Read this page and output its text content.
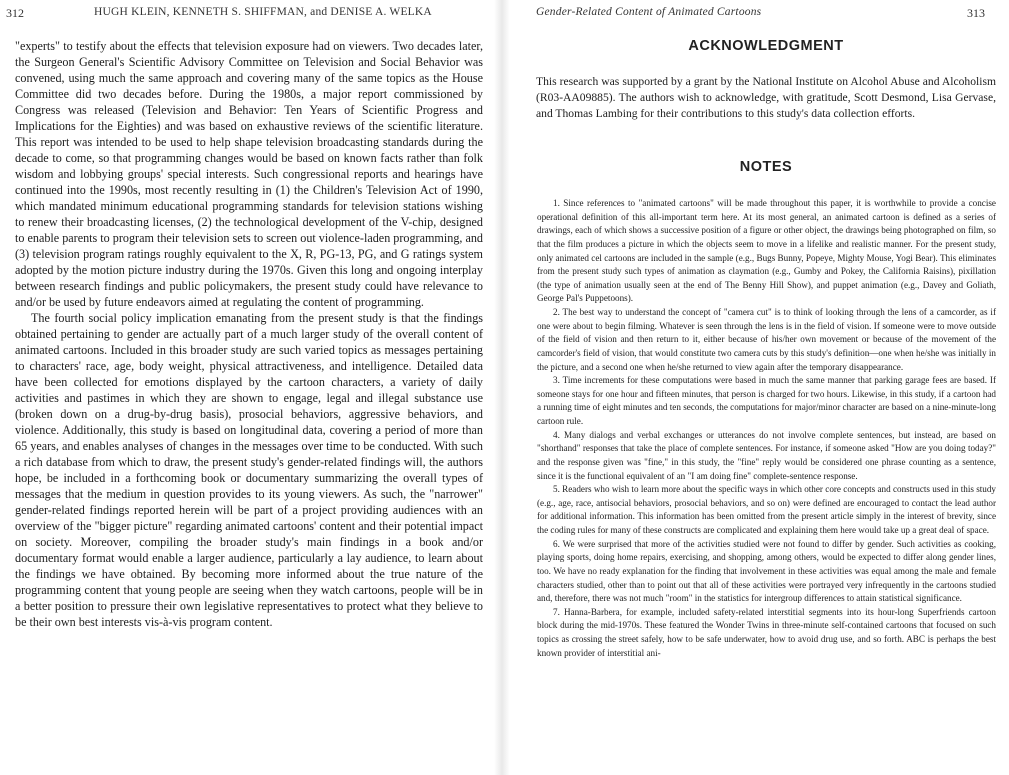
312	HUGH KLEIN, KENNETH S. SHIFFMAN, and DENISE A. WELKA

"experts" to testify about the effects that television exposure had on viewers. Two decades later, the Surgeon General's Scientific Advisory Committee on Television and Social Behavior was convened, using much the same approach and covering many of the same topics as the House Committee did two decades before. During the 1980s, a major report commissioned by Congress was released (Television and Behavior: Ten Years of Scientific Progress and Implications for the Eighties) and was based on exhaustive reviews of the scientific literature. This report was intended to be used to help shape television broadcasting standards during the decade to come, so that programming changes would be based on known facts rather than folk wisdom and lobbying groups' special interests. Such congressional reports and hearings have continued into the 1990s, most recently resulting in (1) the Children's Television Act of 1990, which mandated minimum educational programming standards for television stations wishing to renew their broadcasting licenses, (2) the technological development of the V-chip, designed to enable parents to program their television sets to screen out violence-laden programming, and (3) television program ratings roughly equivalent to the X, R, PG-13, PG, and G ratings system adopted by the motion picture industry during the 1970s. Given this long and ongoing interplay between research findings and public policymakers, the present study could have relevance to and/or be used by future endeavors aimed at regulating the content of programming.

The fourth social policy implication emanating from the present study is that the findings obtained pertaining to gender are actually part of a much larger study of the overall content of animated cartoons. Included in this broader study are such varied topics as messages pertaining to characters' race, age, body weight, physical attractiveness, and intelligence. Detailed data have been collected for emotions displayed by the cartoon characters, a variety of daily activities and pastimes in which they are shown to engage, legal and illegal substance use (broken down on a drug-by-drug basis), prosocial behaviors, aggressive behaviors, and violence. Additionally, this study is based on longitudinal data, covering a period of more than 65 years, and enables analyses of changes in the messages over time to be conducted. With such a rich database from which to draw, the present study's gender-related findings will, the authors hope, be included in a forthcoming book or documentary summarizing the overall types of messages that the medium in question provides to its young viewers. As such, the "narrower" gender-related findings reported herein will be part of a project providing audiences with an overview of the "bigger picture" regarding animated cartoons' content and their potential impact on society. Moreover, compiling the broader study's main findings in a book and/or documentary format would enable a larger audience, particularly a lay audience, to learn about the findings we have obtained. By becoming more informed about the true nature of the programming content that young people are seeing when they watch cartoons, people will be in a better position to pressure their own legislative representatives to protect what they believe to be their own best interests vis-à-vis program content.

Gender-Related Content of Animated Cartoons	313
ACKNOWLEDGMENT

This research was supported by a grant by the National Institute on Alcohol Abuse and Alcoholism (R03-AA09885). The authors wish to acknowledge, with gratitude, Scott Desmond, Lisa Gervase, and Thomas Lambing for their contributions to this study's data collection efforts.

NOTES

1. Since references to "animated cartoons" will be made throughout this paper, it is worthwhile to provide a concise operational definition of this all-important term here. At its most general, an animated cartoon is defined as a series of drawings, each of which shows a successive position of a figure or other object, the drawings being photographed on film, so that the film produces a picture in which the objects seem to move in a lifelike and realistic manner. For the present study, only animated cel cartoons are included in the sample (e.g., Bugs Bunny, Popeye, Mighty Mouse, Yogi Bear). This eliminates from the present study such types of animation as claymation (e.g., Gumby and Pokey, the California Raisins), pixillation (the type of animation usually seen at the end of The Benny Hill Show), and puppet animation (e.g., Davey and Goliath, George Pal's Puppetoons).

2. The best way to understand the concept of "camera cut" is to think of looking through the lens of a camcorder, as if one were about to begin filming. Whatever is seen through the lens is in the field of vision. If someone were to move outside of the field of vision and then return to it, either because of his/her own movement or because of the movement of the camcorder's field of vision, that would constitute two camera cuts by this study's definition—one when he/she was initially in the picture, and a second one when he/she returned to view again after the temporary disappearance.

3. Time increments for these computations were based in much the same manner that parking garage fees are based. If someone stays for one hour and fifteen minutes, that person is charged for two hours. Likewise, in this study, if a cartoon had a running time of eight minutes and ten seconds, the computations for major/minor character are based on a nine-minute-long cartoon rule.

4. Many dialogs and verbal exchanges or utterances do not involve complete sentences, but instead, are based on "shorthand" responses that take the place of complete sentences. For instance, if someone asked "How are you doing today?" and the response given was "fine," in this study, the "fine" reply would be considered one phrase counting as a sentence, since it is the functional equivalent of an "I am doing fine" complete-sentence response.

5. Readers who wish to learn more about the specific ways in which other core concepts and constructs used in this study (e.g., age, race, antisocial behaviors, prosocial behaviors, and so on) were defined are encouraged to contact the lead author for additional information. This information has been omitted from the present article simply in the interest of brevity, since the coding rules for many of these constructs are complicated and explaining them here would take up a great deal of space.

6. We were surprised that more of the activities studied were not found to differ by gender. Such activities as cooking, playing sports, doing home repairs, exercising, and shopping, among others, would be expected to differ along gender lines, too. We have no ready explanation for the finding that involvement in these activities was equal among the male and female characters studied, other than to point out that all of these activities were portrayed very infrequently in the cartoons studied and, therefore, there was not much "room" in the statistics for intergroup differences to attain statistical significance.

7. Hanna-Barbera, for example, included safety-related interstitial segments into its hour-long Superfriends cartoon block during the mid-1970s. These featured the Wonder Twins in three-minute self-contained cartoons that focused on such topics as crossing the street safely, how to be safe underwater, how to avoid drug use, and so forth. ABC is perhaps the best known provider of interstitial ani-
